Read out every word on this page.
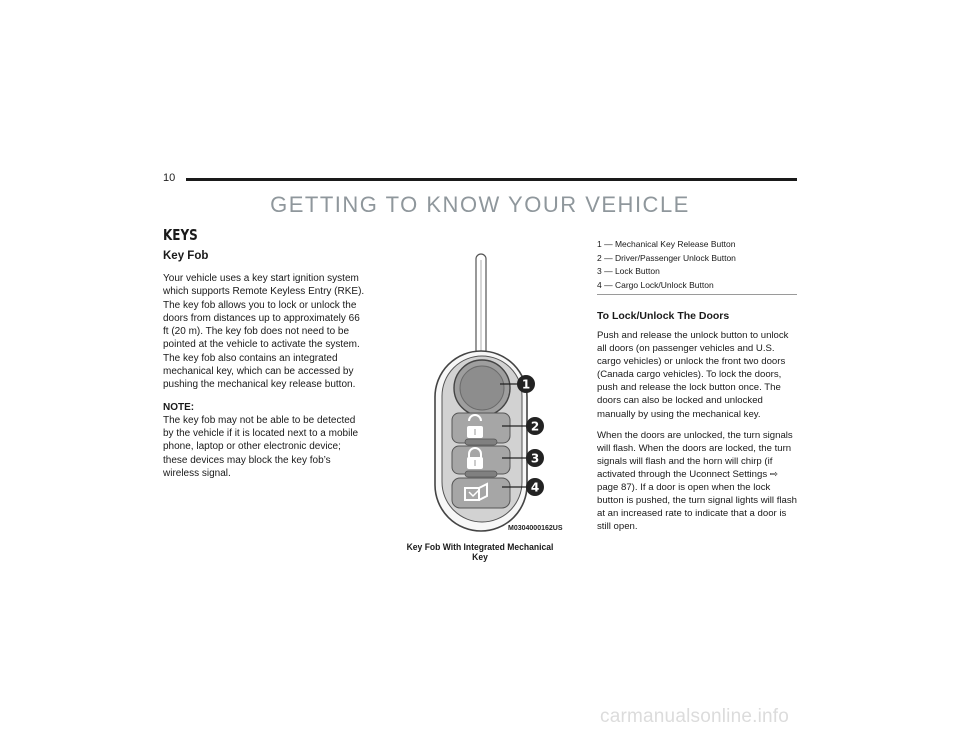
10
GETTING TO KNOW YOUR VEHICLE
KEYS
Key Fob

Your vehicle uses a key start ignition system which supports Remote Keyless Entry (RKE). The key fob allows you to lock or unlock the doors from distances up to approximately 66 ft (20 m). The key fob does not need to be pointed at the vehicle to activate the system. The key fob also contains an integrated mechanical key, which can be accessed by pushing the mechanical key release button.

NOTE:

The key fob may not be able to be detected by the vehicle if it is located next to a mobile phone, laptop or other electronic device; these devices may block the key fob’s wireless signal.

1
2
3
4
M0304000162US
Key Fob With Integrated Mechanical Key
1 — Mechanical Key Release Button
2 — Driver/Passenger Unlock Button
3 — Lock Button
4 — Cargo Lock/Unlock Button
To Lock/Unlock The Doors

Push and release the unlock button to unlock all doors (on passenger vehicles and U.S. cargo vehicles) or unlock the front two doors (Canada cargo vehicles). To lock the doors, push and release the lock button once. The doors can also be locked and unlocked manually by using the mechanical key.

When the doors are unlocked, the turn signals will flash. When the doors are locked, the turn signals will flash and the horn will chirp (if activated through the Uconnect Settings ⇨ page 87). If a door is open when the lock button is pushed, the turn signal lights will flash at an increased rate to indicate that a door is still open.

carmanualsonline.info
